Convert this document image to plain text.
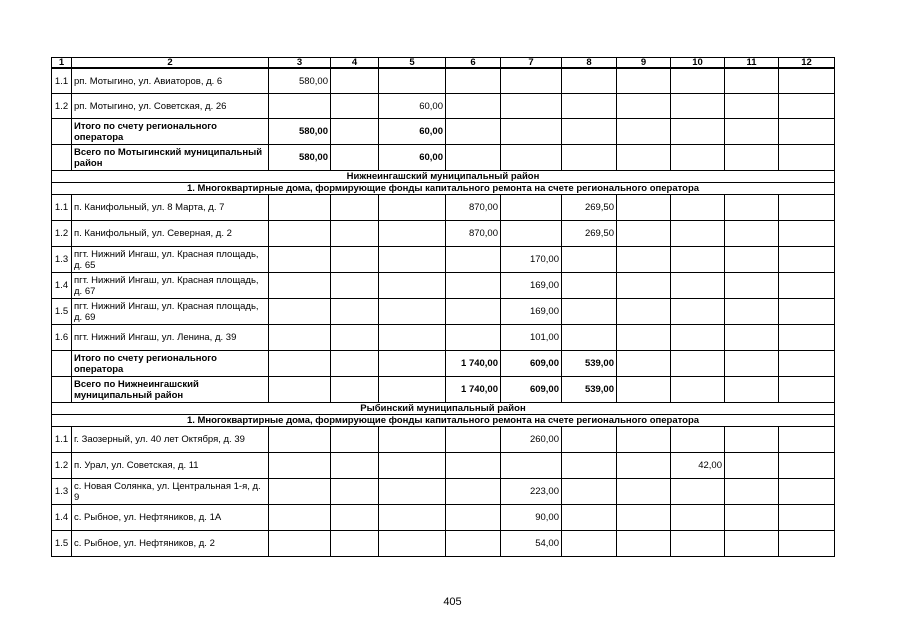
1	2	3	4	5	6	7	8	9	10	11	12
1.1	рп. Мотыгино, ул. Авиаторов, д. 6	580,00									
1.2	рп. Мотыгино, ул. Советская, д. 26			60,00							
	Итого по счету регионального оператора	580,00		60,00							
	Всего по Мотыгинский муниципальный район	580,00		60,00							
Нижнеингашский муниципальный район											
1. Многоквартирные дома, формирующие фонды капитального ремонта на счете регионального оператора											
1.1	п. Канифольный, ул. 8 Марта, д. 7				870,00		269,50				
1.2	п. Канифольный, ул. Северная, д. 2				870,00		269,50				
1.3	пгт. Нижний Ингаш, ул. Красная площадь, д. 65					170,00					
1.4	пгт. Нижний Ингаш, ул. Красная площадь, д. 67					169,00					
1.5	пгт. Нижний Ингаш, ул. Красная площадь, д. 69					169,00					
1.6	пгт. Нижний Ингаш, ул. Ленина, д. 39					101,00					
	Итого по счету регионального оператора				1 740,00	609,00	539,00				
	Всего по Нижнеингашский муниципальный район				1 740,00	609,00	539,00				
Рыбинский муниципальный район											
1. Многоквартирные дома, формирующие фонды капитального ремонта на счете регионального оператора											
1.1	г. Заозерный, ул. 40 лет Октября, д. 39					260,00					
1.2	п. Урал, ул. Советская, д. 11								42,00		
1.3	с. Новая Солянка, ул. Центральная 1-я, д. 9					223,00					
1.4	с. Рыбное, ул. Нефтяников, д. 1А					90,00					
1.5	с. Рыбное, ул. Нефтяников, д. 2					54,00					
405
